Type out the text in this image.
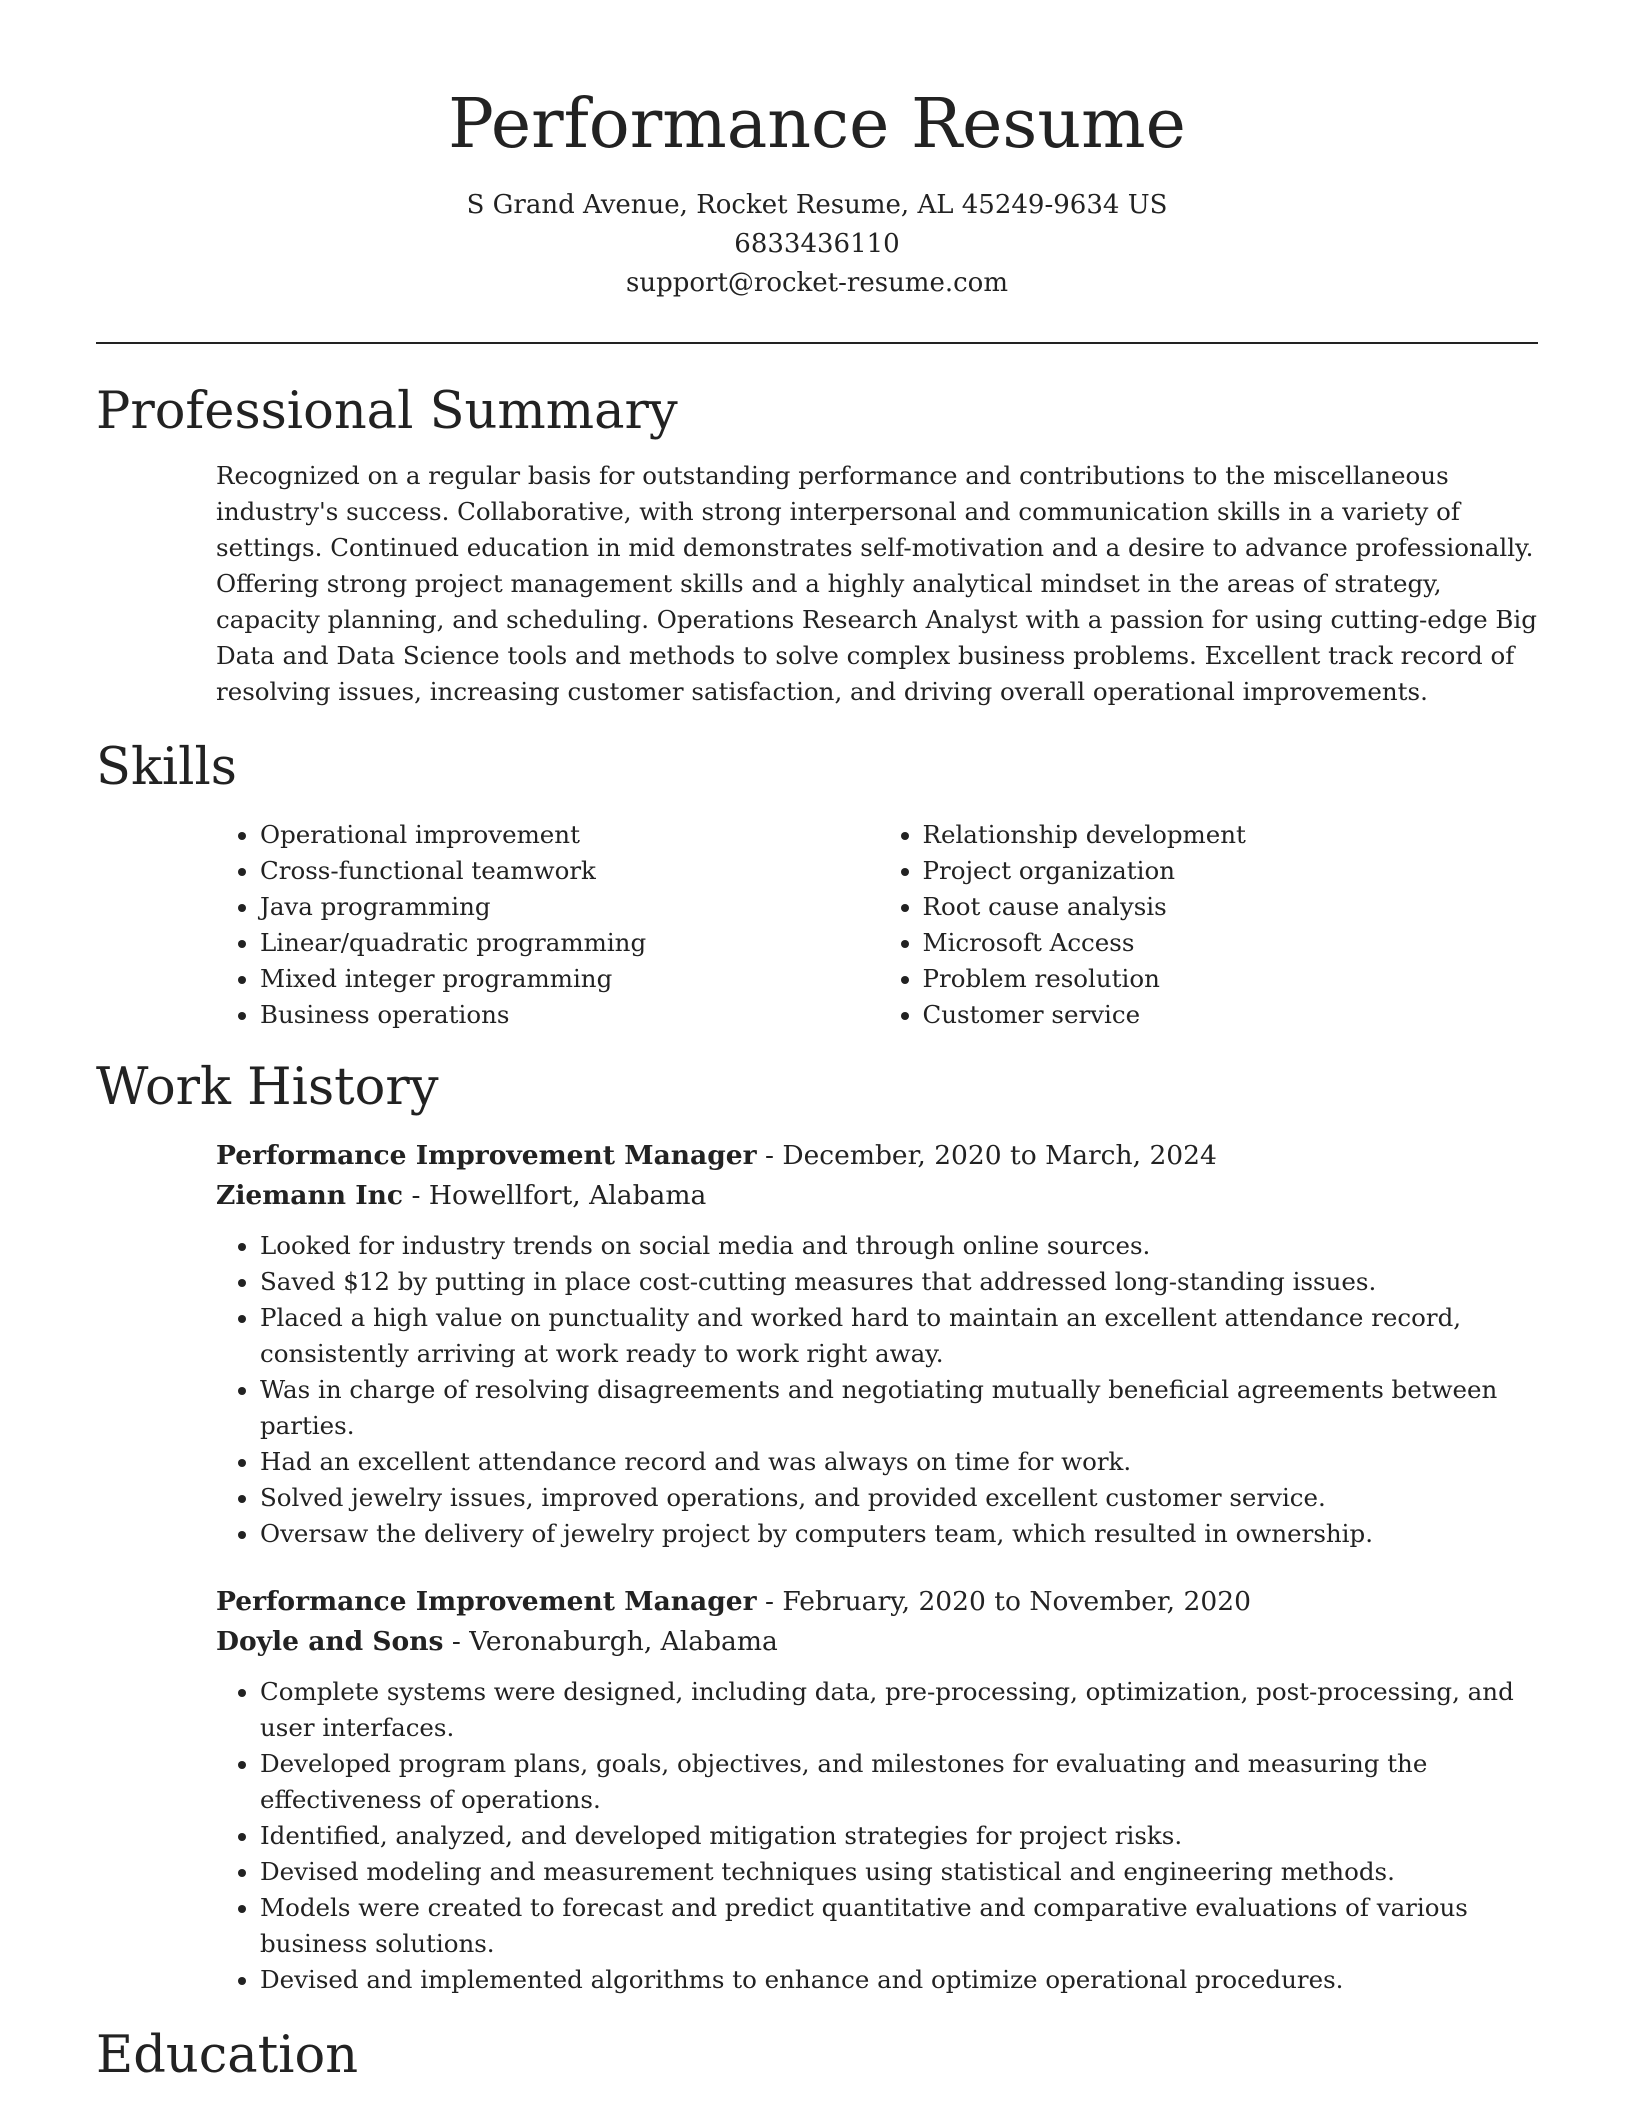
Performance Resume
S Grand Avenue, Rocket Resume, AL 45249-9634 US
6833436110
support@rocket-resume.com
Professional Summary
Recognized on a regular basis for outstanding performance and contributions to the miscellaneous industry's success. Collaborative, with strong interpersonal and communication skills in a variety of settings. Continued education in mid demonstrates self-motivation and a desire to advance professionally. Offering strong project management skills and a highly analytical mindset in the areas of strategy, capacity planning, and scheduling. Operations Research Analyst with a passion for using cutting-edge Big Data and Data Science tools and methods to solve complex business problems. Excellent track record of resolving issues, increasing customer satisfaction, and driving overall operational improvements.
Skills
• Operational improvement
• Cross-functional teamwork
• Java programming
• Linear/quadratic programming
• Mixed integer programming
• Business operations
• Relationship development
• Project organization
• Root cause analysis
• Microsoft Access
• Problem resolution
• Customer service
Work History
Performance Improvement Manager - December, 2020 to March, 2024
Ziemann Inc - Howellfort, Alabama
• Looked for industry trends on social media and through online sources.
• Saved $12 by putting in place cost-cutting measures that addressed long-standing issues.
• Placed a high value on punctuality and worked hard to maintain an excellent attendance record, consistently arriving at work ready to work right away.
• Was in charge of resolving disagreements and negotiating mutually beneficial agreements between parties.
• Had an excellent attendance record and was always on time for work.
• Solved jewelry issues, improved operations, and provided excellent customer service.
• Oversaw the delivery of jewelry project by computers team, which resulted in ownership.
Performance Improvement Manager - February, 2020 to November, 2020
Doyle and Sons - Veronaburgh, Alabama
• Complete systems were designed, including data, pre-processing, optimization, post-processing, and user interfaces.
• Developed program plans, goals, objectives, and milestones for evaluating and measuring the effectiveness of operations.
• Identified, analyzed, and developed mitigation strategies for project risks.
• Devised modeling and measurement techniques using statistical and engineering methods.
• Models were created to forecast and predict quantitative and comparative evaluations of various business solutions.
• Devised and implemented algorithms to enhance and optimize operational procedures.
Education
